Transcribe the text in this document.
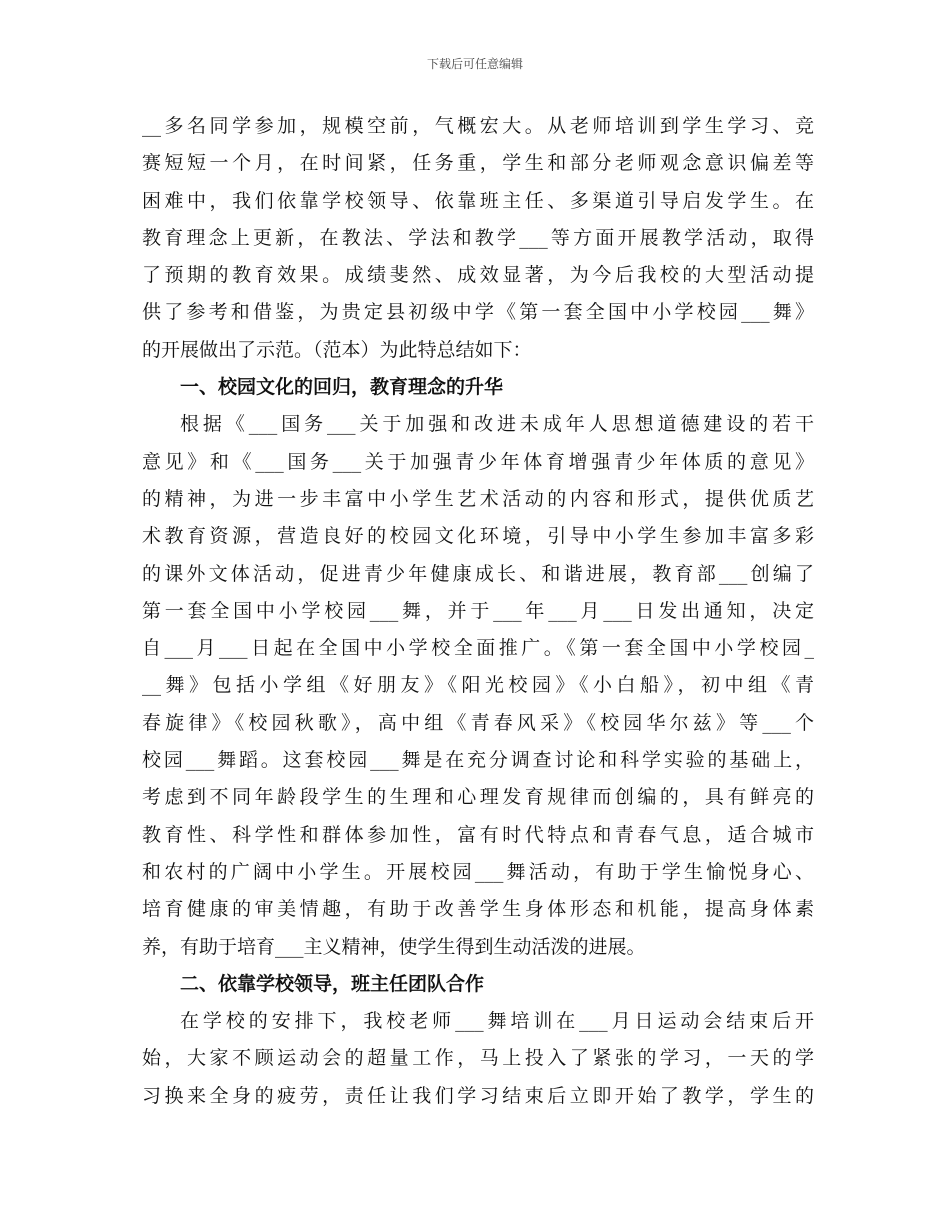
下载后可任意编辑
__多名同学参加，规模空前，气概宏大。从老师培训到学生学习、竞
赛短短一个月，在时间紧，任务重，学生和部分老师观念意识偏差等
困难中，我们依靠学校领导、依靠班主任、多渠道引导启发学生。在
教育理念上更新，在教法、学法和教学___等方面开展教学活动，取得
了预期的教育效果。成绩斐然、成效显著，为今后我校的大型活动提
供了参考和借鉴，为贵定县初级中学《第一套全国中小学校园___舞》
的开展做出了示范。（范本）为此特总结如下：
一、校园文化的回归，教育理念的升华
根据《___国务___关于加强和改进未成年人思想道德建设的若干
意见》和《___国务___关于加强青少年体育增强青少年体质的意见》
的精神，为进一步丰富中小学生艺术活动的内容和形式，提供优质艺
术教育资源，营造良好的校园文化环境，引导中小学生参加丰富多彩
的课外文体活动，促进青少年健康成长、和谐进展，教育部___创编了
第一套全国中小学校园___舞，并于___年___月___日发出通知，决定
自___月___日起在全国中小学校全面推广。《第一套全国中小学校园_
__舞》包括小学组《好朋友》《阳光校园》《小白船》，初中组《青
春旋律》《校园秋歌》，高中组《青春风采》《校园华尔兹》等___个
校园___舞蹈。这套校园___舞是在充分调查讨论和科学实验的基础上，
考虑到不同年龄段学生的生理和心理发育规律而创编的，具有鲜亮的
教育性、科学性和群体参加性，富有时代特点和青春气息，适合城市
和农村的广阔中小学生。开展校园___舞活动，有助于学生愉悦身心、
培育健康的审美情趣，有助于改善学生身体形态和机能，提高身体素
养，有助于培育___主义精神，使学生得到生动活泼的进展。
二、依靠学校领导，班主任团队合作
在学校的安排下，我校老师___舞培训在___月日运动会结束后开
始，大家不顾运动会的超量工作，马上投入了紧张的学习，一天的学
习换来全身的疲劳，责任让我们学习结束后立即开始了教学，学生的
